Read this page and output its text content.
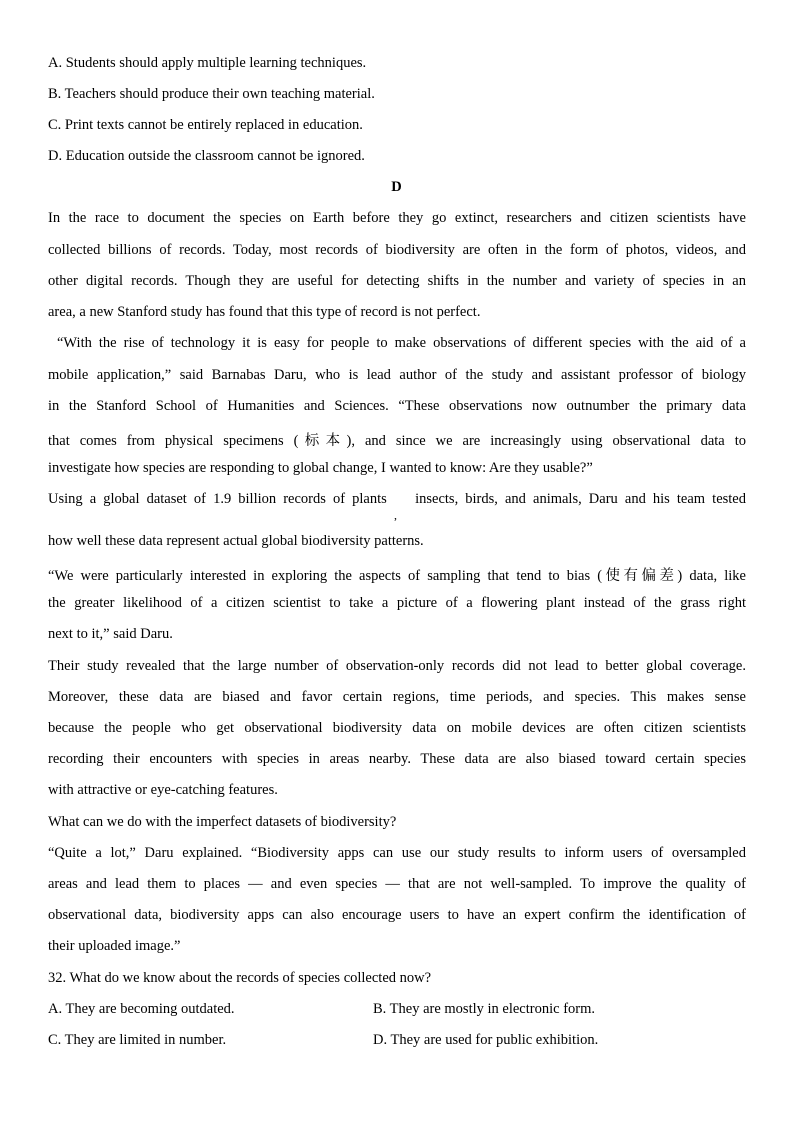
A. Students should apply multiple learning techniques.
B. Teachers should produce their own teaching material.
C. Print texts cannot be entirely replaced in education.
D. Education outside the classroom cannot be ignored.
D
In the race to document the species on Earth before they go extinct, researchers and citizen scientists have
collected billions of records. Today, most records of biodiversity are often in the form of photos, videos, and
other digital records. Though they are useful for detecting shifts in the number and variety of species in an
area, a new Stanford study has found that this type of record is not perfect.
“With the rise of technology it is easy for people to make observations of different species with the aid of a
mobile application,” said Barnabas Daru, who is lead author of the study and assistant professor of biology
in the Stanford School of Humanities and Sciences. “These observations now outnumber the primary data
that comes from physical specimens (标本), and since we are increasingly using observational data to
investigate how species are responding to global change, I wanted to know: Are they usable?”
Using a global dataset of 1.9 billion records of plants    insects, birds, and animals, Daru and his team tested
,
how well these data represent actual global biodiversity patterns.
“We were particularly interested in exploring the aspects of sampling that tend to bias (使有偏差) data, like
the greater likelihood of a citizen scientist to take a picture of a flowering plant instead of the grass right
next to it,” said Daru.
Their study revealed that the large number of observation-only records did not lead to better global coverage.
Moreover, these data are biased and favor certain regions, time periods, and species. This makes sense
because the people who get observational biodiversity data on mobile devices are often citizen scientists
recording their encounters with species in areas nearby. These data are also biased toward certain species
with attractive or eye-catching features.
What can we do with the imperfect datasets of biodiversity?
“Quite a lot,” Daru explained. “Biodiversity apps can use our study results to inform users of oversampled
areas and lead them to places — and even species — that are not well-sampled. To improve the quality of
observational data, biodiversity apps can also encourage users to have an expert confirm the identification of
their uploaded image.”
32. What do we know about the records of species collected now?
A. They are becoming outdated.	B. They are mostly in electronic form.
C. They are limited in number.	D. They are used for public exhibition.
